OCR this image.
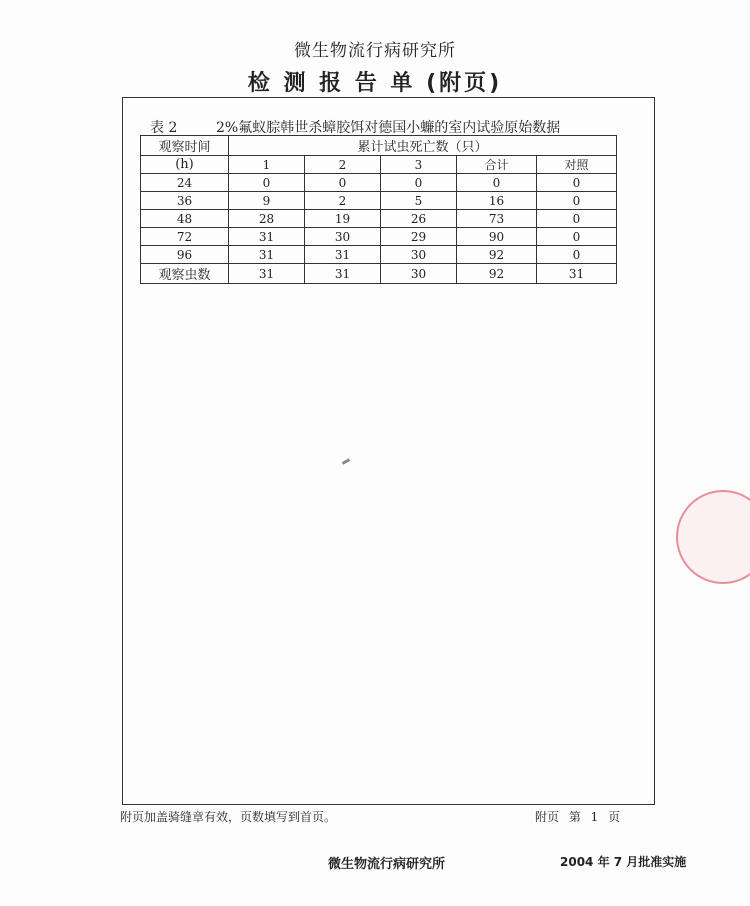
微生物流行病研究所
检 测 报 告 单 (附页)
表 2	2%氟蚁腙韩世杀蟑胶饵对德国小蠊的室内试验原始数据
观察时间	累计试虫死亡数（只）				
(h)	1	2	3	合计	对照
24	0	0	0	0	0
36	9	2	5	16	0
48	28	19	26	73	0
72	31	30	29	90	0
96	31	31	30	92	0
观察虫数	31	31	30	92	31
附页加盖骑缝章有效，页数填写到首页。	附页 第 1 页
微生物流行病研究所	2004 年 7 月批准实施
